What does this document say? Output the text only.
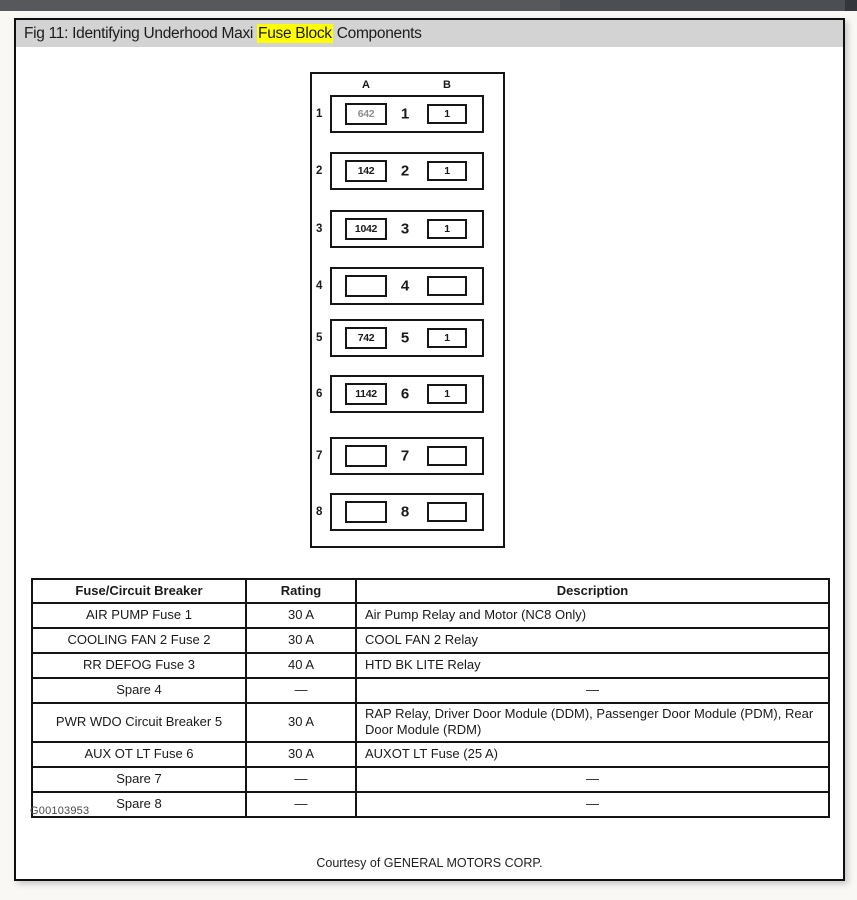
Fig 11: Identifying Underhood Maxi Fuse Block Components
A	B
1	642	1	1
2	142	2	1
3	1042	3	1
4	4
5	742	5	1
6	1142	6	1
7	7
8	8
Fuse/Circuit Breaker	Rating	Description
AIR PUMP Fuse 1	30 A	Air Pump Relay and Motor (NC8 Only)
COOLING FAN 2 Fuse 2	30 A	COOL FAN 2 Relay
RR DEFOG Fuse 3	40 A	HTD BK LITE Relay
Spare 4	—	—
PWR WDO Circuit Breaker 5	30 A	RAP Relay, Driver Door Module (DDM), Passenger Door Module (PDM), Rear Door Module (RDM)
AUX OT LT Fuse 6	30 A	AUXOT LT Fuse (25 A)
Spare 7	—	—
Spare 8	—	—
G00103953
Courtesy of GENERAL MOTORS CORP.
